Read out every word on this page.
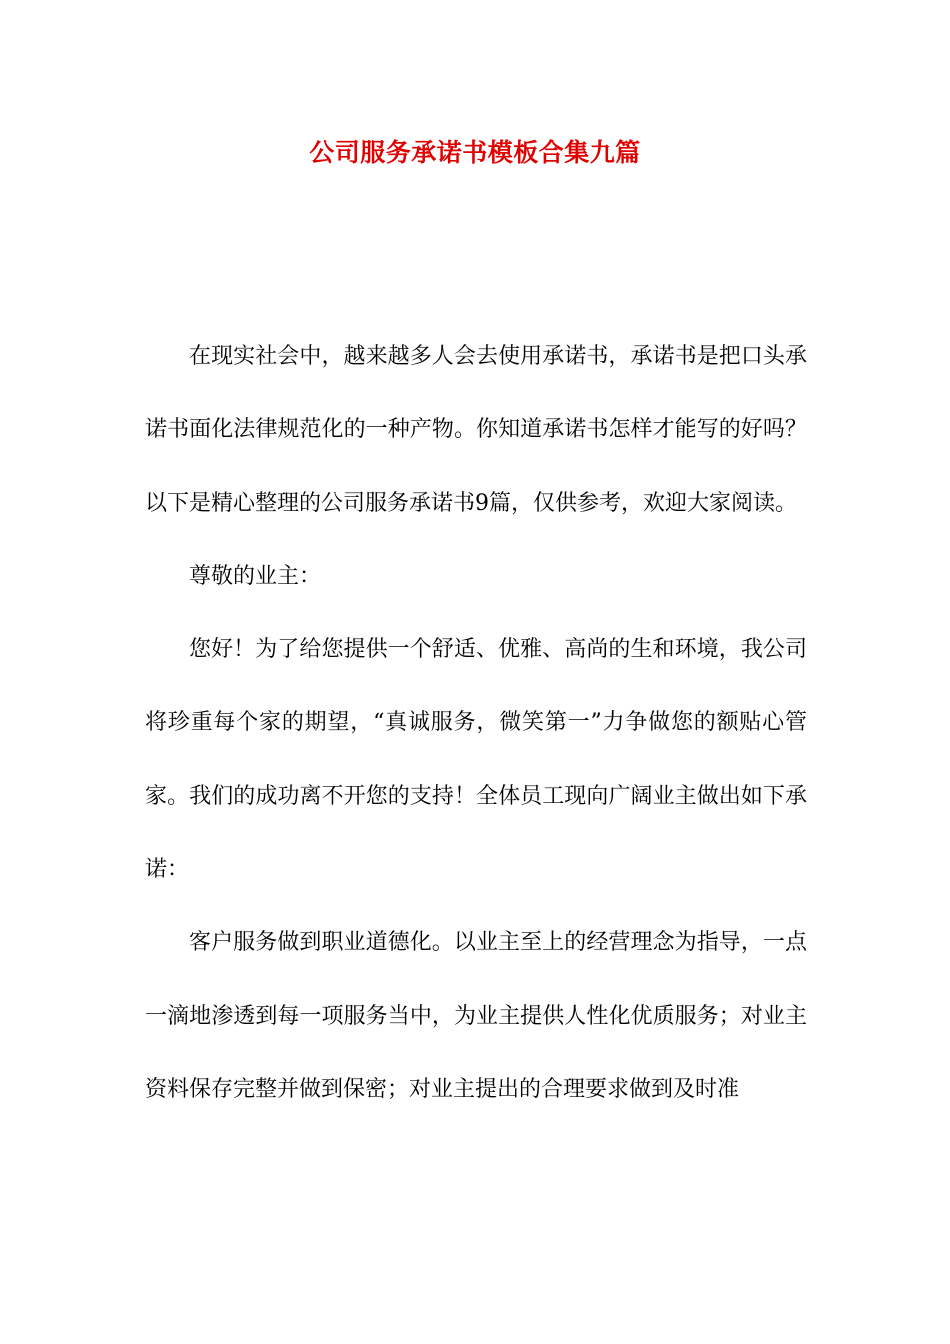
公司服务承诺书模板合集九篇

在现实社会中，越来越多人会去使用承诺书，承诺书是把口头承诺书面化法律规范化的一种产物。你知道承诺书怎样才能写的好吗？以下是精心整理的公司服务承诺书9篇，仅供参考，欢迎大家阅读。

尊敬的业主：

您好！为了给您提供一个舒适、优雅、高尚的生和环境，我公司将珍重每个家的期望，“真诚服务，微笑第一”力争做您的额贴心管家。我们的成功离不开您的支持！全体员工现向广阔业主做出如下承诺：

客户服务做到职业道德化。以业主至上的经营理念为指导，一点一滴地渗透到每一项服务当中，为业主提供人性化优质服务；对业主资料保存完整并做到保密；对业主提出的合理要求做到及时准
